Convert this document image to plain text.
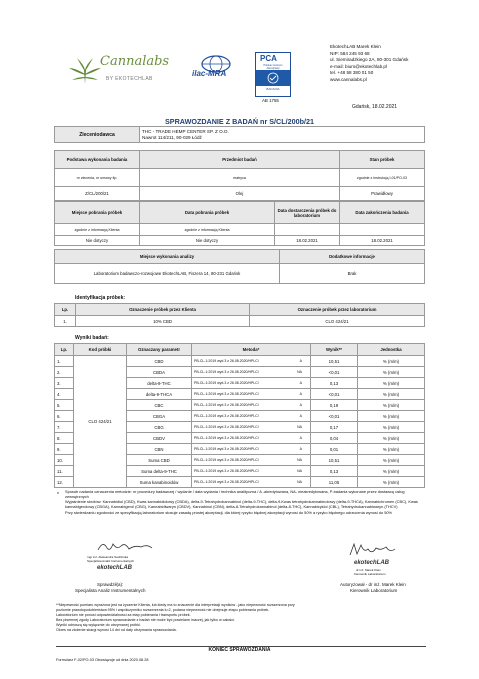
Cannalabs
BY EKOTECHLAB
ilac-MRA
PCA
Polskie Centrum Akredytacji
BADANIA
AB 1755
EkotechLAB Marek Klein
NIP: 584 245 93 68
ul. Siemiradzkiego 2A, 80-301 Gdańsk
e-mail: biuro@ekotechlab.pl
tel. +48 58 380 01 50
www.cannalabs.pl
Gdańsk, 18.02.2021
SPRAWOZDANIE Z BADAŃ nr S/CL/200b/21
Zleceniodawca	THC - TRADE HEMP CENTER SP. Z O.O.
Nawrot 114/211, 90-029 Łódź
Podstawa wykonania badania	Przedmiot badań	Stan próbek
nr zlecenia, nr umowy itp.	matryca	zgodnie z instrukcją I-01/PO-03
Z/CL/200/21	Olej	Prawidłowy
Miejsce pobrania próbek	Data pobrania próbek	Data dostarczenia próbek do laboratorium	Data zakończenia badania
zgodnie z informacją Klienta	zgodnie z informacją Klienta		
Nie dotyczy	Nie dotyczy	18.02.2021	18.02.2021
Miejsce wykonania analizy	Dodatkowe informacje
Laboratorium badawczo-rozwojowe EkotechLAB, Fiszera 14, 80-231 Gdańsk	Brak
Identyfikacja próbek:
Lp.	Oznaczenie próbek przez Klienta	Oznaczenie próbek przez laboratorium
1.	10% CBD	CLO 424/21
Wyniki badań:
Lp.	Kod próbki	Oznaczany parametr	Metoda*	Wynik**	Jednostka
1.	CLO 424/21	CBD	PB-CL-1:2019 wyd.3 z 26.08.2020/HPLC/ A	10,51	% (m/m)
2.		CBDA	PB-CL-1:2019 wyd.3 z 26.08.2020/HPLC/ NA	<0,01	% (m/m)
3.		delta-9-THC	PB-CL-1:2019 wyd.3 z 26.08.2020/HPLC/ A	0,13	% (m/m)
4.		delta-9-THCA	PB-CL-1:2019 wyd.3 z 26.08.2020/HPLC/ A	<0,01	% (m/m)
5.		CBC	PB-CL-1:2019 wyd.3 z 26.08.2020/HPLC/ A	0,19	% (m/m)
6.		CBGA	PB-CL-1:2019 wyd.3 z 26.08.2020/HPLC/ A	<0,01	% (m/m)
7.		CBG	PB-CL-1:2019 wyd.3 z 26.08.2020/HPLC/ NA	0,17	% (m/m)
8.		CBDV	PB-CL-1:2019 wyd.3 z 26.08.2020/HPLC/ A	0,04	% (m/m)
9.		CBN	PB-CL-1:2019 wyd.3 z 26.08.2020/HPLC/ A	0,01	% (m/m)
10.		Suma CBD	PB-CL-1:2019 wyd.3 z 26.08.2020/HPLC/ NA	10,51	% (m/m)
11.		Suma delta-9-THC	PB-CL-1:2019 wyd.3 z 26.08.2020/HPLC/ NA	0,13	% (m/m)
12.		Suma kanabinoidów	PB-CL-1:2019 wyd.3 z 26.08.2020/HPLC/ NA	11,05	% (m/m)
*
Sposób nadania oznaczenia metodzie: nr procedury badawczej / wydanie / data wydania / technika analityczna / A -akredytowana, NA- nieakredytowana, P-badania wykonane przez dostawcę usług zewnętrznych
Wyjaśnienie skrótów: Kannabidiol (CBD), Kwas kannabidiolowy (CBDA), delta-9-Tetrahydrokannabinol (delta-9-THC), delta-9-Kwas tetrahydrokannabinolowy (delta-9-THCA), Kannabichromen (CBC), Kwas kannabigerolowy (CBGA), Kannabigerol (CBG), Kannabidiwaryn (CBDV), Kannabinol (CBN), delta-8-Tetrahydrokannabinol (delta-8-THC), Kannabicyklol (CBL), Tetrahydrokannabiwaryn (THCV)
Przy stwierdzaniu zgodności ze specyfikacją laboratorium stosuje zasadę prostej akceptacji, dla której ryzyko błędnej akceptacji wynosi do 50% a ryzyko błędnego odrzucenia wynosi do 50%
mgr inż. Aleksandra Sadzińska
Specjalista Analiz Instrumentalnych
ekotechLAB
Sprawdził(a):
Specjalista Analiz Instrumentalnych
ekotechLAB
dr inż. Marek Klein
Kierownik Laboratorium
Autoryzował - dr inż. Marek Klein
Kierownik Laboratorium
**Niepewność pomiaru wyrażona jest na życzenie Klienta, lub kiedy ma to znaczenie dla interpretacji wyników - jako niepewność rozszerzona przy
poziomie prawdopodobieństwa 95% i współczynniku rozszerzenia k=2, podana niepewność nie obejmuje etapu pobierania próbek.
Laboratorium nie ponosi odpowiedzialności za etap pobierania i transportu próbek.
Bez pisemnej zgody Laboratorium sprawozdanie z badań nie może być powielane inaczej, jak tylko w całości.
Wyniki odnoszą się wyłącznie do otrzymanej próbki.
Okres na złożenie skargi wynosi 14 dni od daty otrzymania sprawozdania.
KONIEC SPRAWOZDANIA
Formularz F-02/PO-03 Obowiązuje od dnia 2020.08.28
